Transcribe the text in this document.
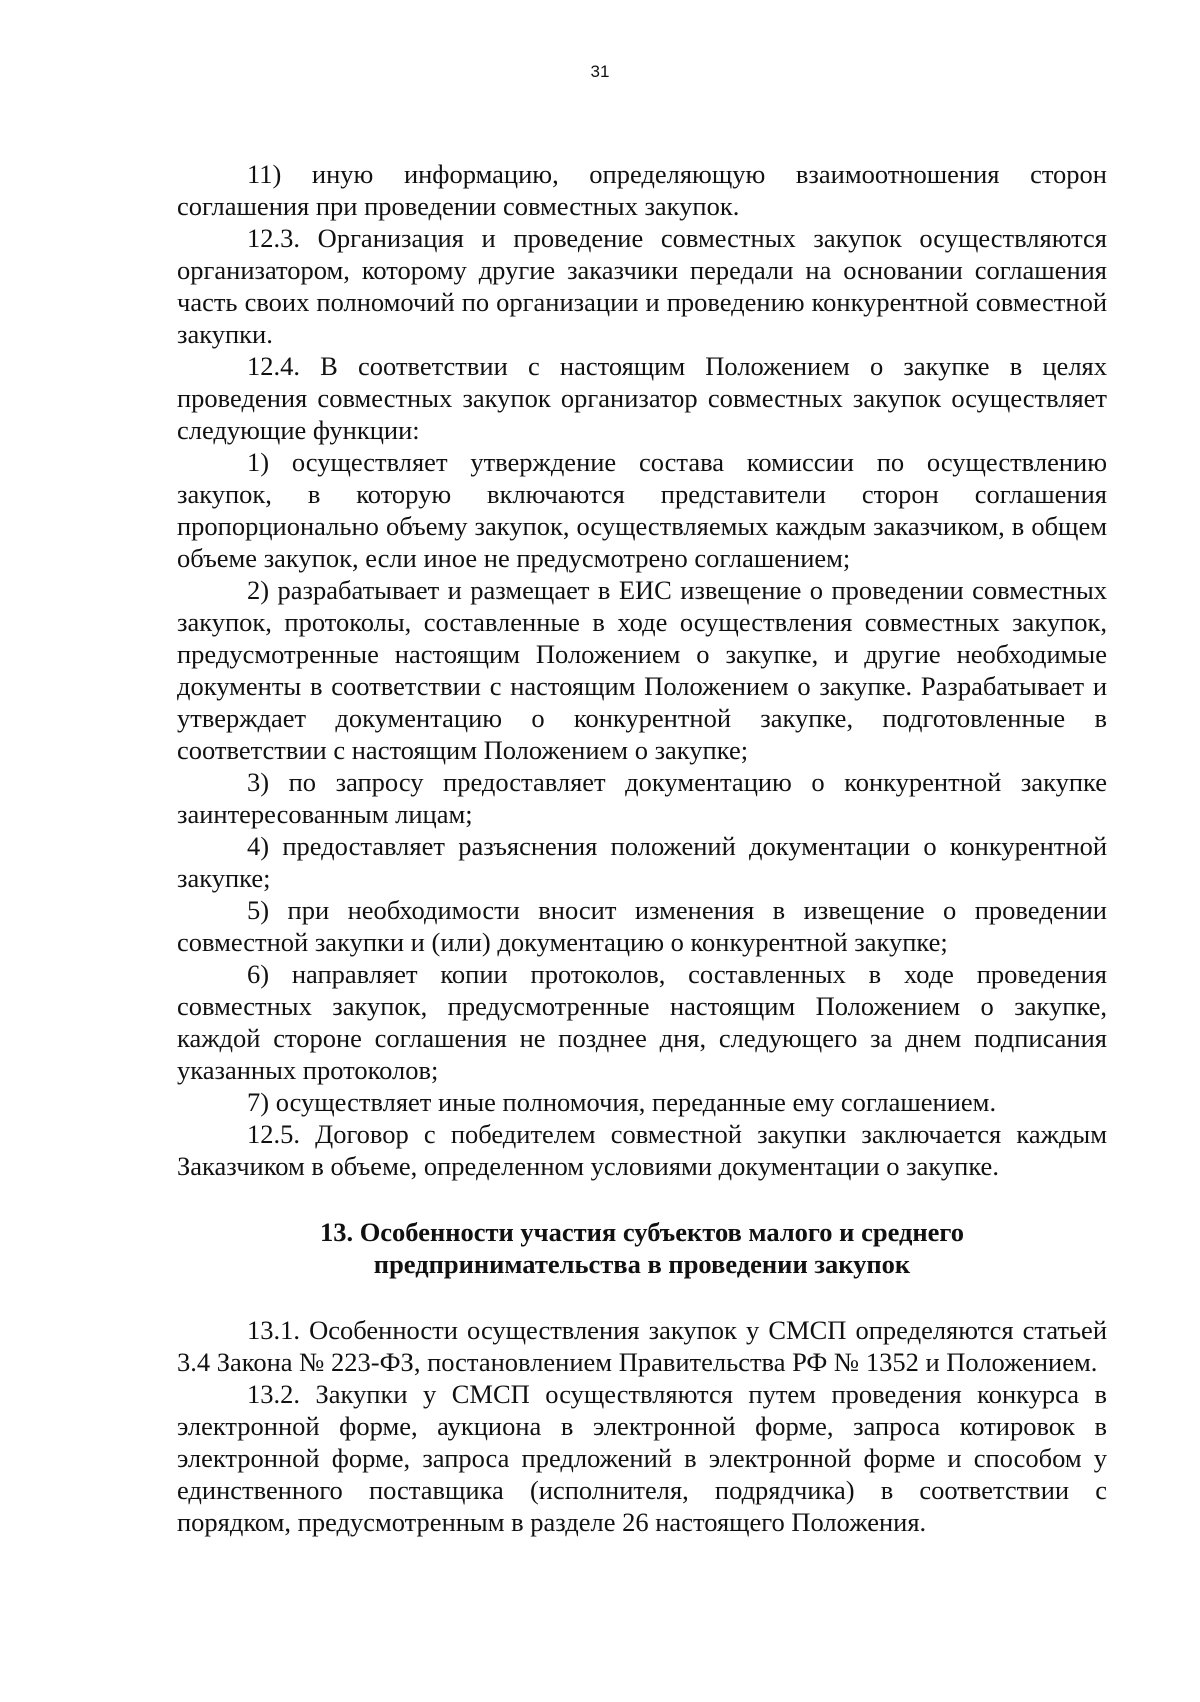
31

11) иную информацию, определяющую взаимоотношения сторон соглашения при проведении совместных закупок.

12.3. Организация и проведение совместных закупок осуществляются организатором, которому другие заказчики передали на основании соглашения часть своих полномочий по организации и проведению конкурентной совместной закупки.

12.4. В соответствии с настоящим Положением о закупке в целях проведения совместных закупок организатор совместных закупок осуществляет следующие функции:

1) осуществляет утверждение состава комиссии по осуществлению закупок, в которую включаются представители сторон соглашения пропорционально объему закупок, осуществляемых каждым заказчиком, в общем объеме закупок, если иное не предусмотрено соглашением;

2) разрабатывает и размещает в ЕИС извещение о проведении совместных закупок, протоколы, составленные в ходе осуществления совместных закупок, предусмотренные настоящим Положением о закупке, и другие необходимые документы в соответствии с настоящим Положением о закупке. Разрабатывает и утверждает документацию о конкурентной закупке, подготовленные в соответствии с настоящим Положением о закупке;

3) по запросу предоставляет документацию о конкурентной закупке заинтересованным лицам;

4) предоставляет разъяснения положений документации о конкурентной закупке;

5) при необходимости вносит изменения в извещение о проведении совместной закупки и (или) документацию о конкурентной закупке;

6) направляет копии протоколов, составленных в ходе проведения совместных закупок, предусмотренные настоящим Положением о закупке, каждой стороне соглашения не позднее дня, следующего за днем подписания указанных протоколов;

7) осуществляет иные полномочия, переданные ему соглашением.

12.5. Договор с победителем совместной закупки заключается каждым Заказчиком в объеме, определенном условиями документации о закупке.

13. Особенности участия субъектов малого и среднего
предпринимательства в проведении закупок

13.1. Особенности осуществления закупок у СМСП определяются статьей 3.4 Закона № 223-ФЗ, постановлением Правительства РФ № 1352 и Положением.

13.2. Закупки у СМСП осуществляются путем проведения конкурса в электронной форме, аукциона в электронной форме, запроса котировок в электронной форме, запроса предложений в электронной форме и способом у единственного поставщика (исполнителя, подрядчика) в соответствии с порядком, предусмотренным в разделе 26 настоящего Положения.
